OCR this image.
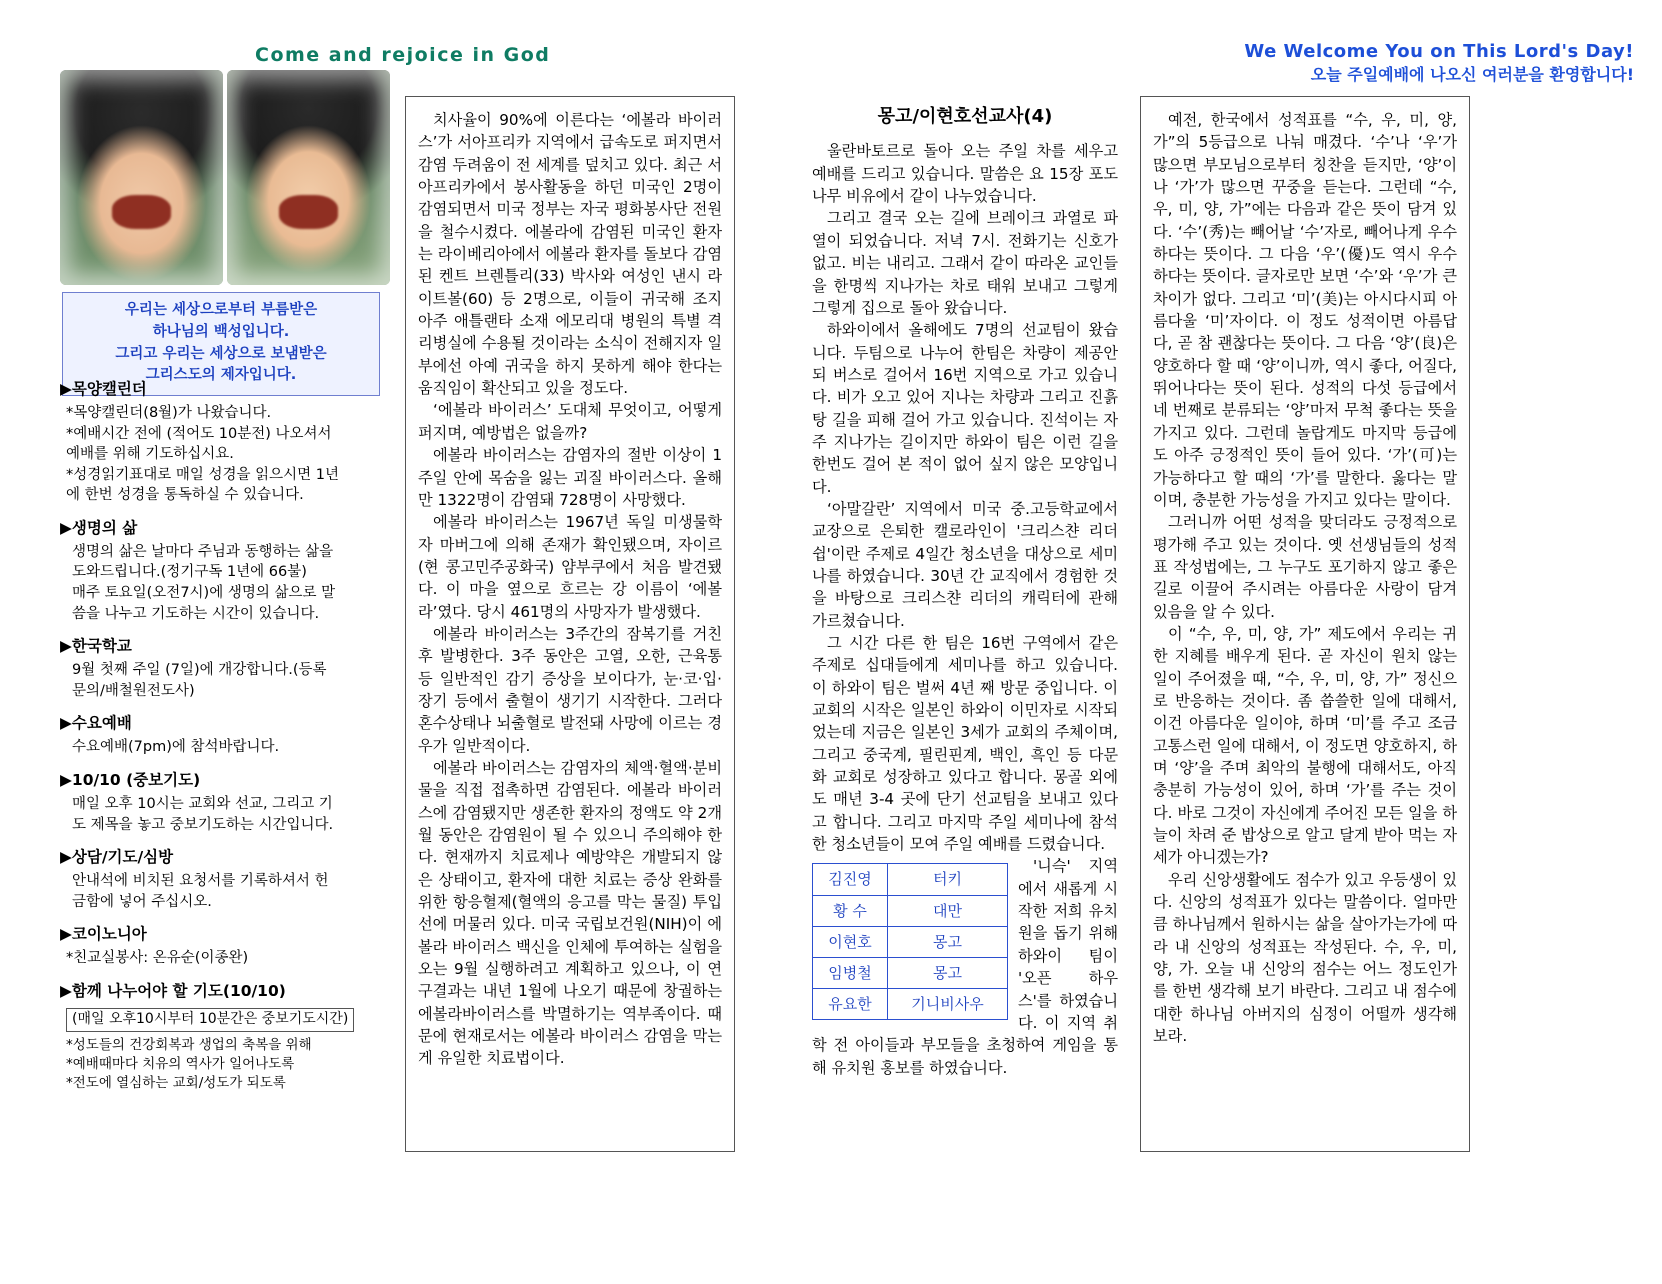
Come and rejoice in God	We Welcome You on This Lord's Day!
오늘 주일예배에 나오신 여러분을 환영합니다!
우리는 세상으로부터 부름받은
하나님의 백성입니다.
그리고 우리는 세상으로 보냄받은
그리스도의 제자입니다.
▶목양캘린더
*목양캘린더(8월)가 나왔습니다.
*예배시간 전에 (적어도 10분전) 나오셔서
예배를 위해 기도하십시요.
*성경읽기표대로 매일 성경을 읽으시면 1년
에 한번 성경을 통독하실 수 있습니다.
▶생명의 삶
생명의 삶은 날마다 주님과 동행하는 삶을
도와드립니다.(정기구독 1년에 66불)
매주 토요일(오전7시)에 생명의 삶으로 말
씀을 나누고 기도하는 시간이 있습니다.
▶한국학교
9월 첫째 주일 (7일)에 개강합니다.(등록
문의/배철원전도사)
▶수요예배
수요예배(7pm)에 참석바랍니다.
▶10/10 (중보기도)
매일 오후 10시는 교회와 선교, 그리고 기
도 제목을 놓고 중보기도하는 시간입니다.
▶상담/기도/심방
안내석에 비치된 요청서를 기록하셔서 헌
금함에 넣어 주십시오.
▶코이노니아
*친교실봉사: 온유순(이종완)
▶함께 나누어야 할 기도(10/10)
(매일 오후10시부터 10분간은 중보기도시간)
*성도들의 건강회복과 생업의 축복을 위해
*예배때마다 치유의 역사가 일어나도록
*전도에 열심하는 교회/성도가 되도록

치사율이 90%에 이른다는 ‘에볼라 바이러스’가 서아프리카 지역에서 급속도로 퍼지면서 감염 두려움이 전 세계를 덮치고 있다. 최근 서아프리카에서 봉사활동을 하던 미국인 2명이 감염되면서 미국 정부는 자국 평화봉사단 전원을 철수시켰다. 에볼라에 감염된 미국인 환자는 라이베리아에서 에볼라 환자를 돌보다 감염된 켄트 브렌틀리(33) 박사와 여성인 낸시 라이트볼(60) 등 2명으로, 이들이 귀국해 조지아주 애틀랜타 소재 에모리대 병원의 특별 격리병실에 수용될 것이라는 소식이 전해지자 일부에선 아예 귀국을 하지 못하게 해야 한다는 움직임이 확산되고 있을 정도다.

‘에볼라 바이러스’ 도대체 무엇이고, 어떻게 퍼지며, 예방법은 없을까?

에볼라 바이러스는 감염자의 절반 이상이 1주일 안에 목숨을 잃는 괴질 바이러스다. 올해만 1322명이 감염돼 728명이 사망했다.

에볼라 바이러스는 1967년 독일 미생물학자 마버그에 의해 존재가 확인됐으며, 자이르(현 콩고민주공화국) 얌부쿠에서 처음 발견됐다. 이 마을 옆으로 흐르는 강 이름이 ‘에볼라’였다. 당시 461명의 사망자가 발생했다.

에볼라 바이러스는 3주간의 잠복기를 거친 후 발병한다. 3주 동안은 고열, 오한, 근육통 등 일반적인 감기 증상을 보이다가, 눈·코·입·장기 등에서 출혈이 생기기 시작한다. 그러다 혼수상태나 뇌출혈로 발전돼 사망에 이르는 경우가 일반적이다.

에볼라 바이러스는 감염자의 체액·혈액·분비물을 직접 접촉하면 감염된다. 에볼라 바이러스에 감염됐지만 생존한 환자의 정액도 약 2개월 동안은 감염원이 될 수 있으니 주의해야 한다. 현재까지 치료제나 예방약은 개발되지 않은 상태이고, 환자에 대한 치료는 증상 완화를 위한 항응혈제(혈액의 응고를 막는 물질) 투입 선에 머물러 있다. 미국 국립보건원(NIH)이 에볼라 바이러스 백신을 인체에 투여하는 실험을 오는 9월 실행하려고 계획하고 있으나, 이 연구결과는 내년 1월에 나오기 때문에 창궐하는 에볼라바이러스를 박멸하기는 역부족이다. 때문에 현재로서는 에볼라 바이러스 감염을 막는 게 유일한 치료법이다.

몽고/이현호선교사(4)

울란바토르로 돌아 오는 주일 차를 세우고 예배를 드리고 있습니다. 말씀은 요 15장 포도나무 비유에서 같이 나누었습니다.

그리고 결국 오는 길에 브레이크 과열로 파열이 되었습니다. 저녁 7시. 전화기는 신호가 없고. 비는 내리고. 그래서 같이 따라온 교인들을 한명씩 지나가는 차로 태워 보내고 그렇게 그렇게 집으로 돌아 왔습니다.

하와이에서 올해에도 7명의 선교팀이 왔습니다. 두팀으로 나누어 한팀은 차량이 제공안되 버스로 걸어서 16번 지역으로 가고 있습니다. 비가 오고 있어 지나는 차량과 그리고 진흙탕 길을 피해 걸어 가고 있습니다. 진석이는 자주 지나가는 길이지만 하와이 팀은 이런 길을 한번도 걸어 본 적이 없어 싶지 않은 모양입니다.

‘아말갈란’ 지역에서 미국 중.고등학교에서 교장으로 은퇴한 캘로라인이 '크리스챤 리더쉽'이란 주제로 4일간 청소년을 대상으로 세미나를 하였습니다. 30년 간 교직에서 경험한 것을 바탕으로 크리스챤 리더의 캐릭터에 관해 가르쳤습니다.

그 시간 다른 한 팀은 16번 구역에서 같은 주제로 십대들에게 세미나를 하고 있습니다. 이 하와이 팀은 벌써 4년 째 방문 중입니다. 이 교회의 시작은 일본인 하와이 이민자로 시작되었는데 지금은 일본인 3세가 교회의 주체이며, 그리고 중국계, 필린핀계, 백인, 흑인 등 다문화 교회로 성장하고 있다고 합니다. 몽골 외에도 매년 3-4 곳에 단기 선교팀을 보내고 있다고 합니다. 그리고 마지막 주일 세미나에 참석한 청소년들이 모여 주일 예배를 드렸습니다.

김진영	터키
황 수	대만
이현호	몽고
임병철	몽고
유요한	기니비사우

'니슥' 지역에서 새롭게 시작한 저희 유치원을 돕기 위해 하와이 팀이 '오픈 하우스'를 하였습니다. 이 지역 취학 전 아이들과 부모들을 초청하여 게임을 통해 유치원 홍보를 하였습니다.

예전, 한국에서 성적표를 “수, 우, 미, 양, 가”의 5등급으로 나눠 매겼다. ‘수’나 ‘우’가 많으면 부모님으로부터 칭찬을 듣지만, ‘양’이나 ‘가’가 많으면 꾸중을 듣는다. 그런데 “수, 우, 미, 양, 가”에는 다음과 같은 뜻이 담겨 있다. ‘수’(秀)는 빼어날 ‘수’자로, 빼어나게 우수하다는 뜻이다. 그 다음 ‘우’(優)도 역시 우수하다는 뜻이다. 글자로만 보면 ‘수’와 ‘우’가 큰 차이가 없다. 그리고 ‘미’(美)는 아시다시피 아름다울 ‘미’자이다. 이 정도 성적이면 아름답다, 곧 참 괜찮다는 뜻이다. 그 다음 ‘양’(良)은 양호하다 할 때 ‘양’이니까, 역시 좋다, 어질다, 뛰어나다는 뜻이 된다. 성적의 다섯 등급에서 네 번째로 분류되는 ‘양’마저 무척 좋다는 뜻을 가지고 있다. 그런데 놀랍게도 마지막 등급에도 아주 긍정적인 뜻이 들어 있다. ‘가’(可)는 가능하다고 할 때의 ‘가’를 말한다. 옳다는 말이며, 충분한 가능성을 가지고 있다는 말이다.

그러니까 어떤 성적을 맞더라도 긍정적으로 평가해 주고 있는 것이다. 옛 선생님들의 성적표 작성법에는, 그 누구도 포기하지 않고 좋은 길로 이끌어 주시려는 아름다운 사랑이 담겨 있음을 알 수 있다.

이 “수, 우, 미, 양, 가” 제도에서 우리는 귀한 지혜를 배우게 된다. 곧 자신이 원치 않는 일이 주어졌을 때, “수, 우, 미, 양, 가” 정신으로 반응하는 것이다. 좀 씁쓸한 일에 대해서, 이건 아름다운 일이야, 하며 ‘미’를 주고 조금 고통스런 일에 대해서, 이 정도면 양호하지, 하며 ‘양’을 주며 최악의 불행에 대해서도, 아직 충분히 가능성이 있어, 하며 ‘가’를 주는 것이다. 바로 그것이 자신에게 주어진 모든 일을 하늘이 차려 준 밥상으로 알고 달게 받아 먹는 자세가 아니겠는가?

우리 신앙생활에도 점수가 있고 우등생이 있다. 신앙의 성적표가 있다는 말씀이다. 얼마만큼 하나님께서 원하시는 삶을 살아가는가에 따라 내 신앙의 성적표는 작성된다. 수, 우, 미, 양, 가. 오늘 내 신앙의 점수는 어느 정도인가를 한번 생각해 보기 바란다. 그리고 내 점수에 대한 하나님 아버지의 심정이 어떨까 생각해 보라.
